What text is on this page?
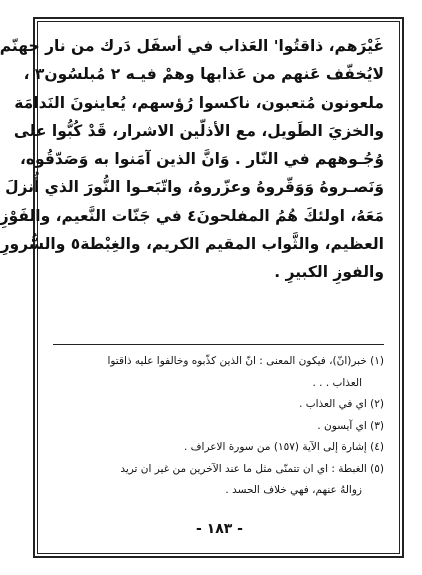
غَيْرَهم، ذاقتُوا' العَذاب في أسفَل دَرك من نار جهنّم
لايُخفّف عَنهم من عَذابها وهمْ فيـه ٢ مُبلسُون٣ ،
ملعونون مُتعبون، ناكسوا رُؤسهم، يُعاينونَ النَدامَة
والخزيَ الطَويل، مع الأذلّين الاشرار، قَدْ كُبُّوا على
وُجُـوههم في النّار . وَانَّ الذين آمَنوا به وَصَدّقُوه،
وَنَصـروهُ وَوَقّروهُ وعزّروهُ، واتّبَعـوا النُّورَ الذي أُنزلَ
مَعَهُ، اولئكَ هُمُ المفلحونَ٤ في جَنّات النَّعيم، والفَوْزِ
العظيم، والثَّواب المقيم الكريم، والغِبْطة٥ والسُّرورِ
والفوزِ الكبيرِ .
(١) خبر(انّ)، فيكون المعنى : انّ الذين كذّبوه وخالفوا عليه ذاقتوا
العذاب . . .
(٢) اي في العذاب .
(٣) اي آيسون .
(٤) إشارة إلى الآية (١٥٧) من سورة الاعراف .
(٥) الغبطة : اي ان تتمنّى مثل ما عند الآخرين من غير ان تريد
زوالهُ عنهم، فهي خلاف الحسد .
- ١٨٣ -
